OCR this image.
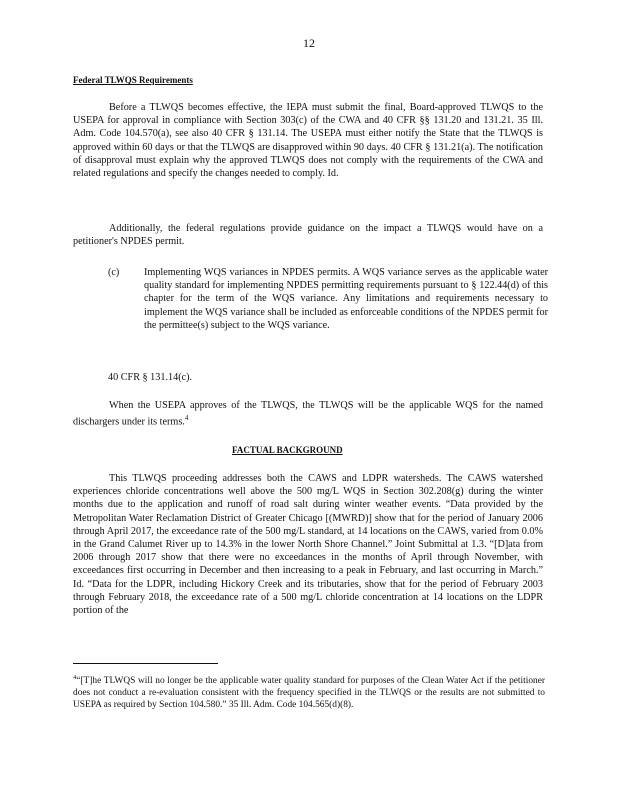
12
Federal TLWQS Requirements

Before a TLWQS becomes effective, the IEPA must submit the final, Board-approved TLWQS to the USEPA for approval in compliance with Section 303(c) of the CWA and 40 CFR §§ 131.20 and 131.21. 35 Ill. Adm. Code 104.570(a), see also 40 CFR § 131.14. The USEPA must either notify the State that the TLWQS is approved within 60 days or that the TLWQS are disapproved within 90 days. 40 CFR § 131.21(a). The notification of disapproval must explain why the approved TLWQS does not comply with the requirements of the CWA and related regulations and specify the changes needed to comply. Id.

Additionally, the federal regulations provide guidance on the impact a TLWQS would have on a petitioner's NPDES permit.

(c)	Implementing WQS variances in NPDES permits. A WQS variance serves as the applicable water quality standard for implementing NPDES permitting requirements pursuant to § 122.44(d) of this chapter for the term of the WQS variance. Any limitations and requirements necessary to implement the WQS variance shall be included as enforceable conditions of the NPDES permit for the permittee(s) subject to the WQS variance.

40 CFR § 131.14(c).

When the USEPA approves of the TLWQS, the TLWQS will be the applicable WQS for the named dischargers under its terms.$^4$

FACTUAL BACKGROUND

This TLWQS proceeding addresses both the CAWS and LDPR watersheds. The CAWS watershed experiences chloride concentrations well above the 500 mg/L WQS in Section 302.208(g) during the winter months due to the application and runoff of road salt during winter weather events. “Data provided by the Metropolitan Water Reclamation District of Greater Chicago [(MWRD)] show that for the period of January 2006 through April 2017, the exceedance rate of the 500 mg/L standard, at 14 locations on the CAWS, varied from 0.0% in the Grand Calumet River up to 14.3% in the lower North Shore Channel.” Joint Submittal at 1.3. “[D]ata from 2006 through 2017 show that there were no exceedances in the months of April through November, with exceedances first occurring in December and then increasing to a peak in February, and last occurring in March.” Id. “Data for the LDPR, including Hickory Creek and its tributaries, show that for the period of February 2003 through February 2018, the exceedance rate of a 500 mg/L chloride concentration at 14 locations on the LDPR portion of the

$^4$“[T]he TLWQS will no longer be the applicable water quality standard for purposes of the Clean Water Act if the petitioner does not conduct a re-evaluation consistent with the frequency specified in the TLWQS or the results are not submitted to USEPA as required by Section 104.580.” 35 Ill. Adm. Code 104.565(d)(8).
